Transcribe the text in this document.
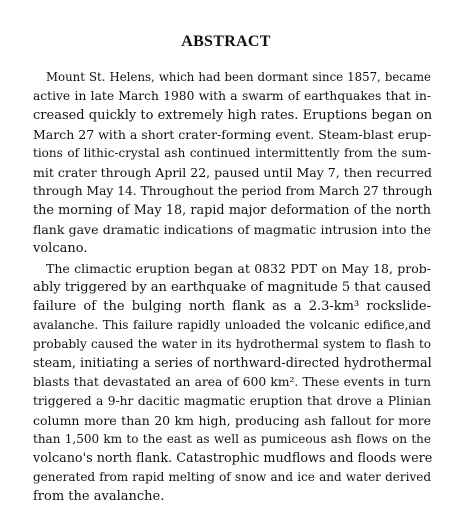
ABSTRACT
Mount St. Helens, which had been dormant since 1857, became
active in late March 1980 with a swarm of earthquakes that in-
creased quickly to extremely high rates. Eruptions began on
March 27 with a short crater-forming event. Steam-blast erup-
tions of lithic-crystal ash continued intermittently from the sum-
mit crater through April 22, paused until May 7, then recurred
through May 14. Throughout the period from March 27 through
the morning of May 18, rapid major deformation of the north
flank gave dramatic indications of magmatic intrusion into the
volcano.
The climactic eruption began at 0832 PDT on May 18, prob-
ably triggered by an earthquake of magnitude 5 that caused
failure of the bulging north flank as a 2.3-km³ rockslide-
avalanche. This failure rapidly unloaded the volcanic edifice,and
probably caused the water in its hydrothermal system to flash to
steam, initiating a series of northward-directed hydrothermal
blasts that devastated an area of 600 km². These events in turn
triggered a 9-hr dacitic magmatic eruption that drove a Plinian
column more than 20 km high, producing ash fallout for more
than 1,500 km to the east as well as pumiceous ash flows on the
volcano's north flank. Catastrophic mudflows and floods were
generated from rapid melting of snow and ice and water derived
from the avalanche.
